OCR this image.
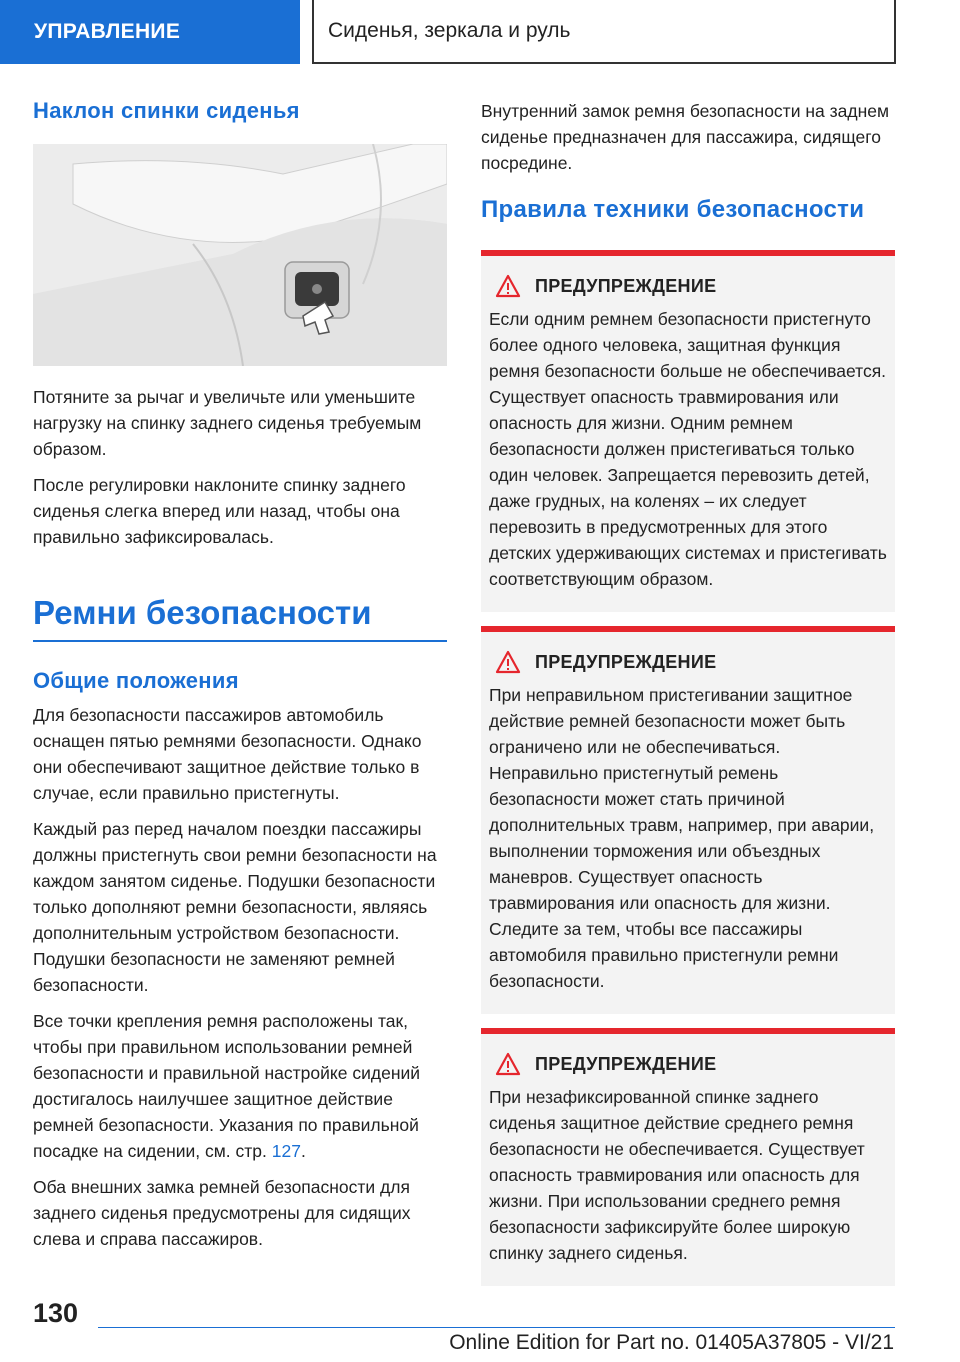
УПРАВЛЕНИЕ	Сиденья, зеркала и руль
Наклон спинки сиденья

Потяните за рычаг и увеличьте или уменьшите нагрузку на спинку заднего сиденья требуемым образом.

После регулировки наклоните спинку заднего сиденья слегка вперед или назад, чтобы она правильно зафиксировалась.

Ремни безопасности
Общие положения

Для безопасности пассажиров автомобиль оснащен пятью ремнями безопасности. Однако они обеспечивают защитное действие только в случае, если правильно пристегнуты.

Каждый раз перед началом поездки пассажиры должны пристегнуть свои ремни безопасности на каждом занятом сиденье. Подушки безопасности только дополняют ремни безопасности, являясь дополнительным устройством безопасности. Подушки безопасности не заменяют ремней безопасности.

Все точки крепления ремня расположены так, чтобы при правильном использовании ремней безопасности и правильной настройке сидений достигалось наилучшее защитное действие ремней безопасности. Указания по правильной посадке на сидении, см. стр. 127.

Оба внешних замка ремней безопасности для заднего сиденья предусмотрены для сидящих слева и справа пассажиров.

Внутренний замок ремня безопасности на заднем сиденье предназначен для пассажира, сидящего посредине.

Правила техники безопасности
ПРЕДУПРЕЖДЕНИЕ

Если одним ремнем безопасности пристегнуто более одного человека, защитная функция ремня безопасности больше не обеспечивается. Существует опасность травмирования или опасность для жизни. Одним ремнем безопасности должен пристегиваться только один человек. Запрещается перевозить детей, даже грудных, на коленях – их следует перевозить в предусмотренных для этого детских удерживающих системах и пристегивать соответствующим образом.

ПРЕДУПРЕЖДЕНИЕ

При неправильном пристегивании защитное действие ремней безопасности может быть ограничено или не обеспечиваться. Неправильно пристегнутый ремень безопасности может стать причиной дополнительных травм, например, при аварии, выполнении торможения или объездных маневров. Существует опасность травмирования или опасность для жизни. Следите за тем, чтобы все пассажиры автомобиля правильно пристегнули ремни безопасности.

ПРЕДУПРЕЖДЕНИЕ

При незафиксированной спинке заднего сиденья защитное действие среднего ремня безопасности не обеспечивается. Существует опасность травмирования или опасность для жизни. При использовании среднего ремня безопасности зафиксируйте более широкую спинку заднего сиденья.

130
Online Edition for Part no. 01405A37805 - VI/21
